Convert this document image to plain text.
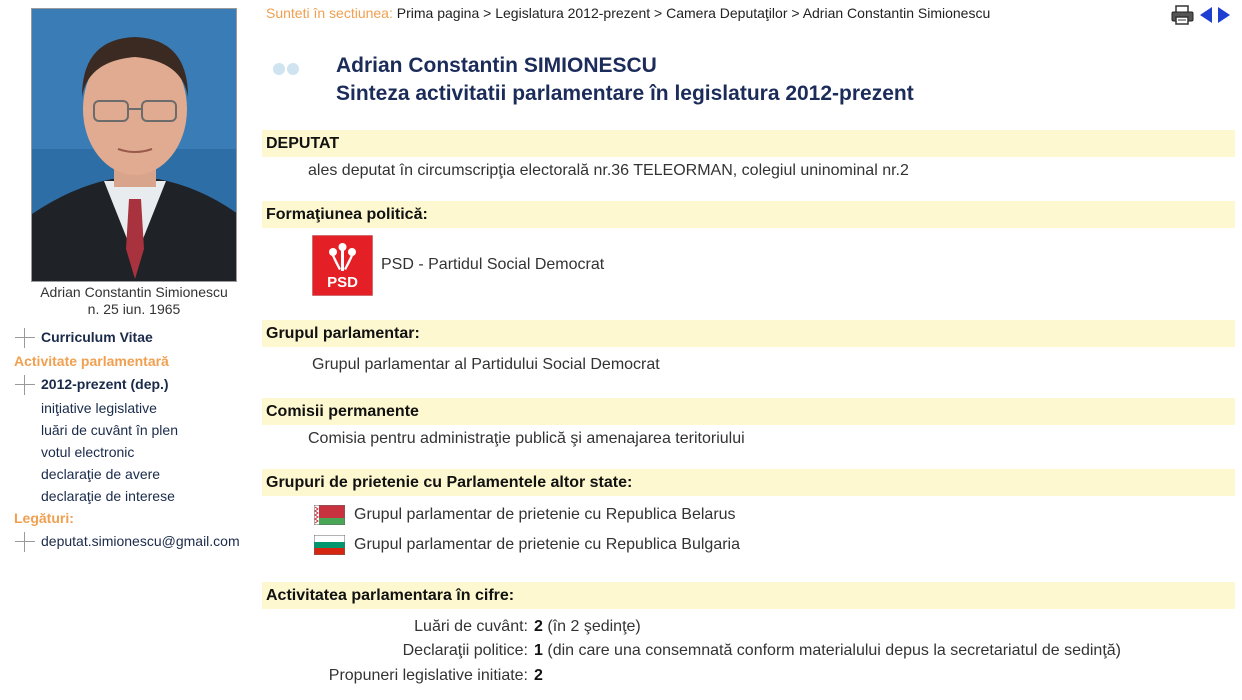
Adrian Constantin Simionescu
n. 25 iun. 1965
Curriculum Vitae
Activitate parlamentară
2012-prezent (dep.)
iniţiative legislative
luări de cuvânt în plen
votul electronic
declaraţie de avere
declaraţie de interese
Legături:
deputat.simionescu@gmail.com
Sunteti în sectiunea: Prima pagina > Legislatura 2012-prezent > Camera Deputaţilor > Adrian Constantin Simionescu
Adrian Constantin SIMIONESCU
Sinteza activitatii parlamentare în legislatura 2012-prezent
DEPUTAT
ales deputat în circumscripţia electorală nr.36 TELEORMAN, colegiul uninominal nr.2
Formaţiunea politică:
PSD
PSD - Partidul Social Democrat
Grupul parlamentar:
Grupul parlamentar al Partidului Social Democrat
Comisii permanente
Comisia pentru administraţie publică şi amenajarea teritoriului
Grupuri de prietenie cu Parlamentele altor state:
Grupul parlamentar de prietenie cu Republica Belarus
Grupul parlamentar de prietenie cu Republica Bulgaria
Activitatea parlamentara în cifre:
Luări de cuvânt: 2 (în 2 şedinţe)
Declaraţii politice: 1 (din care una consemnată conform materialului depus la secretariatul de sedinţă)
Propuneri legislative initiate: 2
